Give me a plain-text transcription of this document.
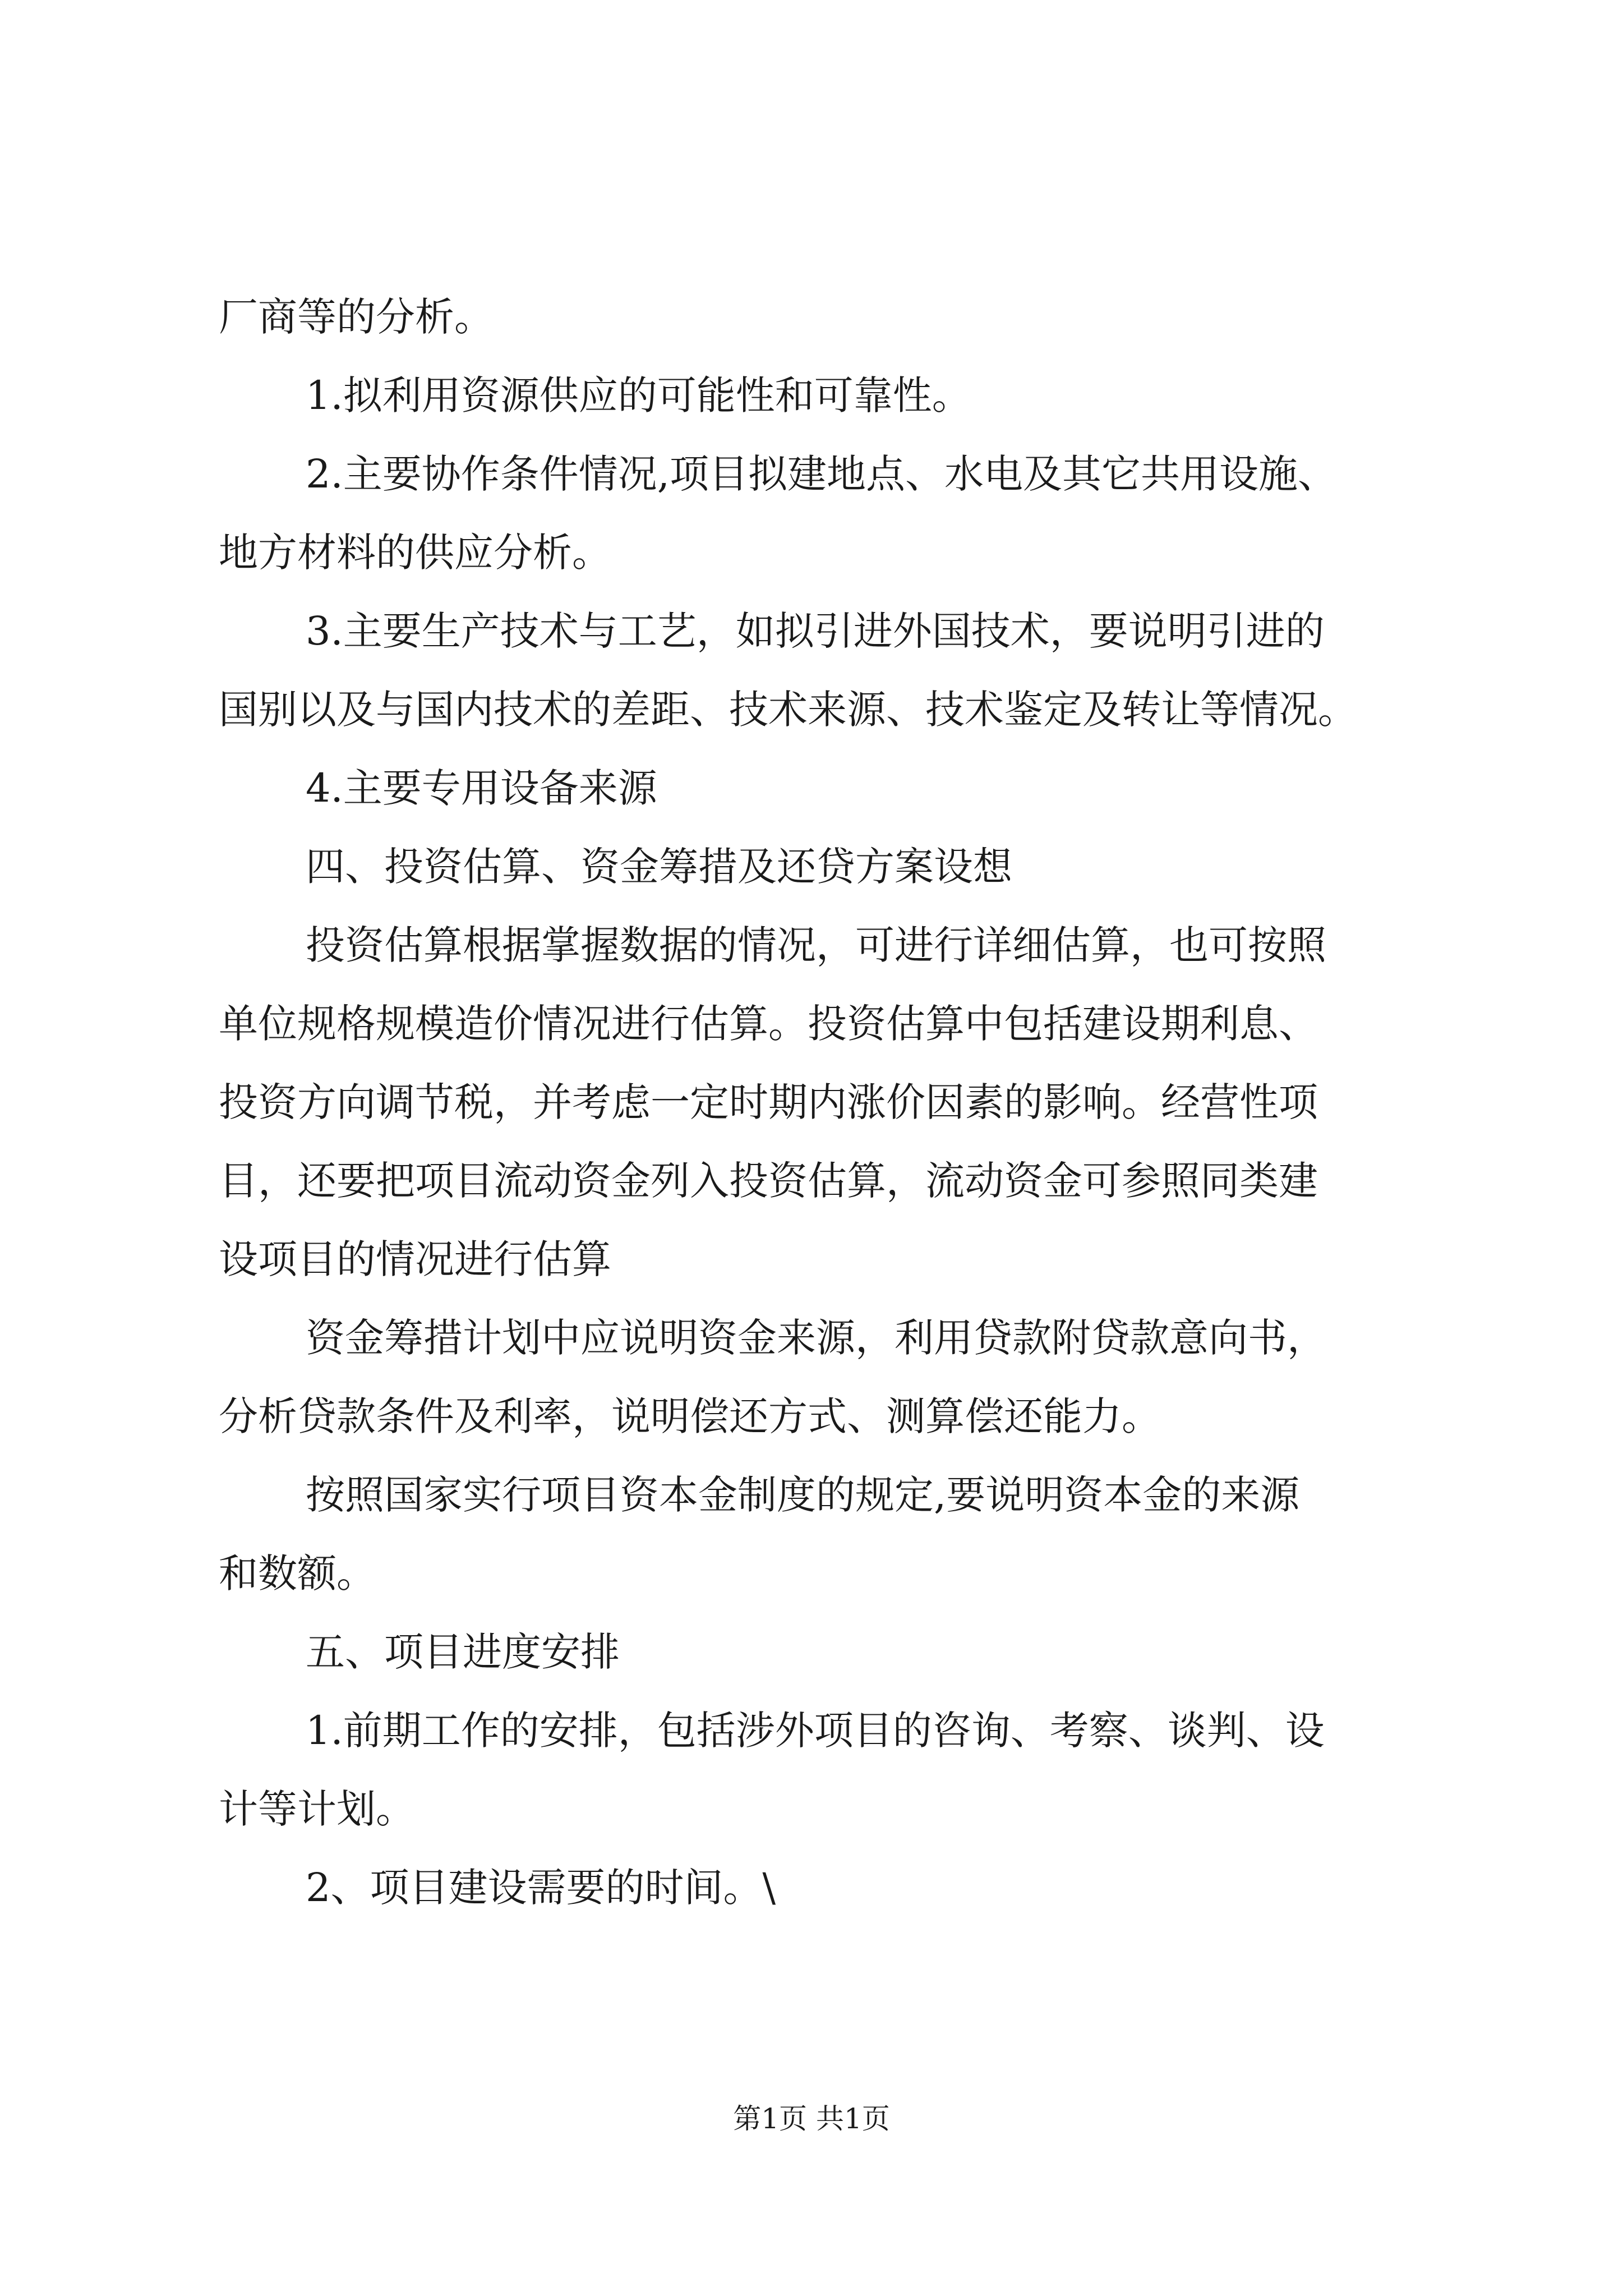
厂商等的分析。
1.拟利用资源供应的可能性和可靠性。
2.主要协作条件情况,项目拟建地点、水电及其它共用设施、
地方材料的供应分析。
3.主要生产技术与工艺，如拟引进外国技术，要说明引进的
国别以及与国内技术的差距、技术来源、技术鉴定及转让等情况。
4.主要专用设备来源
四、投资估算、资金筹措及还贷方案设想
投资估算根据掌握数据的情况，可进行详细估算，也可按照
单位规格规模造价情况进行估算。投资估算中包括建设期利息、
投资方向调节税，并考虑一定时期内涨价因素的影响。经营性项
目，还要把项目流动资金列入投资估算，流动资金可参照同类建
设项目的情况进行估算
资金筹措计划中应说明资金来源，利用贷款附贷款意向书，
分析贷款条件及利率，说明偿还方式、测算偿还能力。
按照国家实行项目资本金制度的规定,要说明资本金的来源
和数额。
五、项目进度安排
1.前期工作的安排，包括涉外项目的咨询、考察、谈判、设
计等计划。
2、项目建设需要的时间。\
第1页 共1页
